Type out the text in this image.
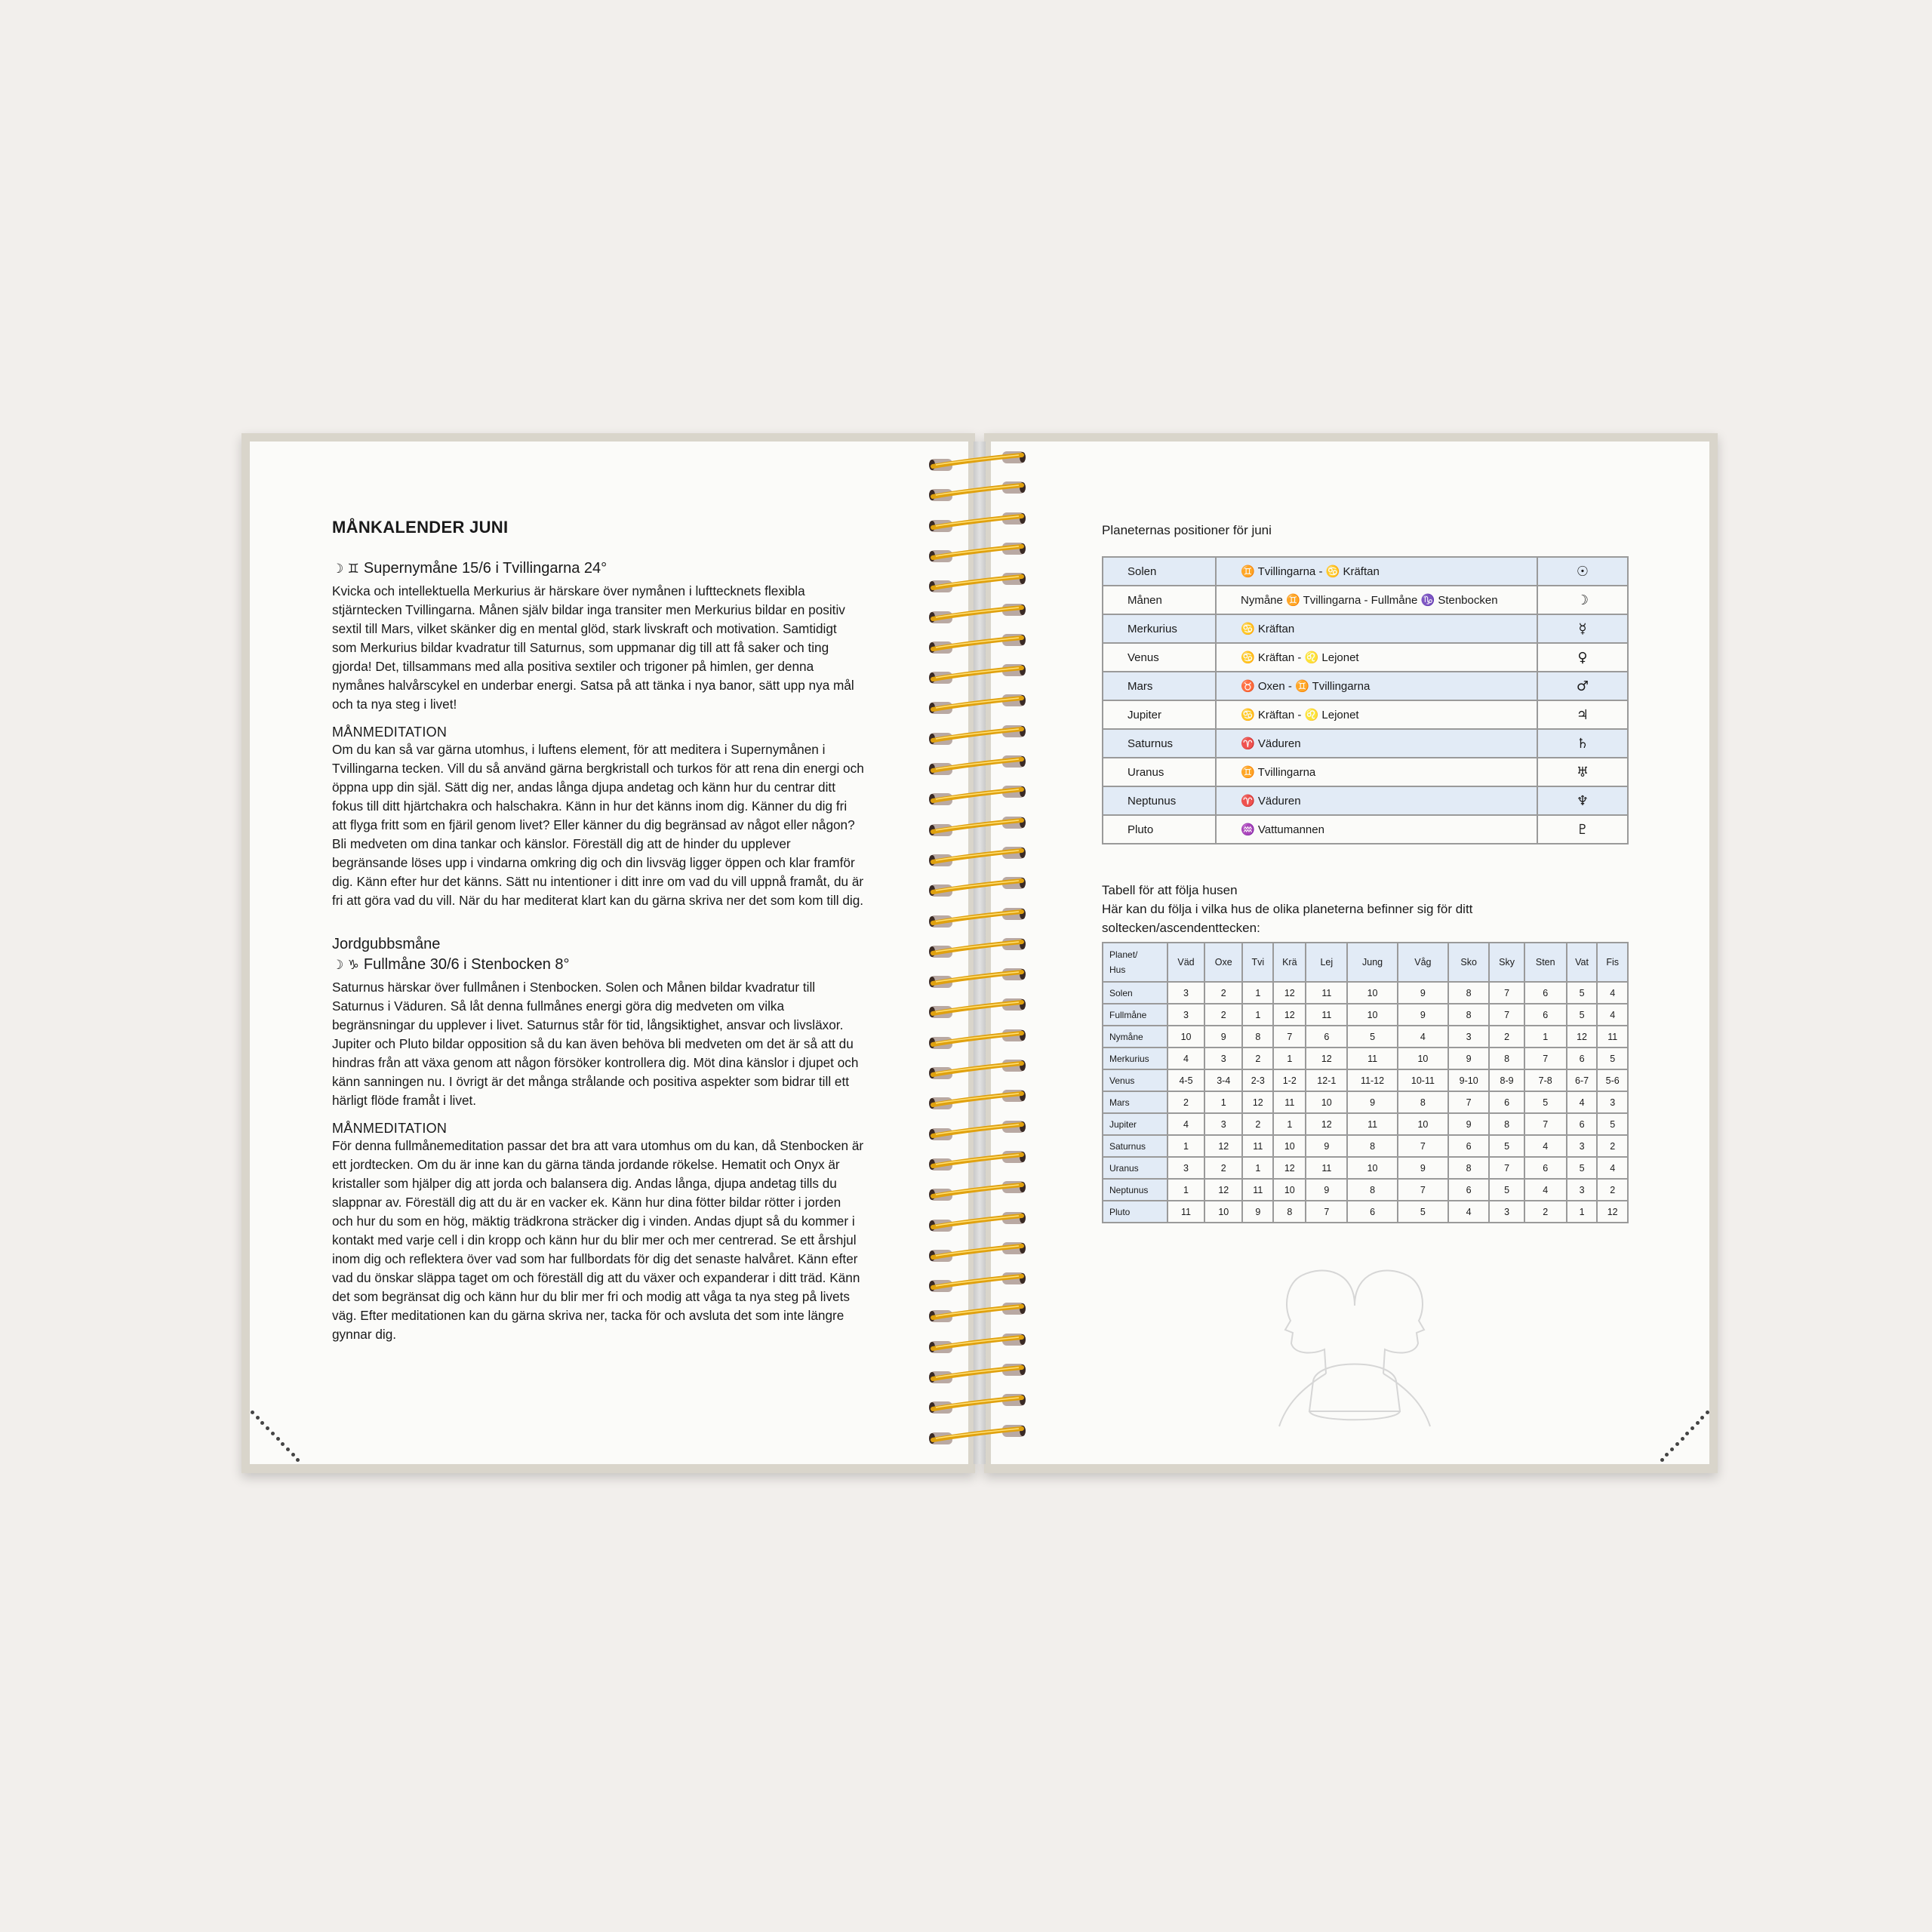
MÅNKALENDER JUNI
☽ ♊ Supernymåne 15/6 i Tvillingarna 24°

Kvicka och intellektuella Merkurius är härskare över nymånen i lufttecknets flexibla stjärntecken Tvillingarna. Månen själv bildar inga transiter men Merkurius bildar en positiv sextil till Mars, vilket skänker dig en mental glöd, stark livskraft och motivation. Samtidigt som Merkurius bildar kvadratur till Saturnus, som uppmanar dig till att få saker och ting gjorda! Det, tillsammans med alla positiva sextiler och trigoner på himlen, ger denna nymånes halvårscykel en underbar energi. Satsa på att tänka i nya banor, sätt upp nya mål och ta nya steg i livet!

MÅNMEDITATION

Om du kan så var gärna utomhus, i luftens element, för att meditera i Supernymånen i Tvillingarna tecken. Vill du så använd gärna bergkristall och turkos för att rena din energi och öppna upp din själ. Sätt dig ner, andas långa djupa andetag och känn hur du centrar ditt fokus till ditt hjärtchakra och halschakra. Känn in hur det känns inom dig. Känner du dig fri att flyga fritt som en fjäril genom livet? Eller känner du dig begränsad av något eller någon? Bli medveten om dina tankar och känslor. Föreställ dig att de hinder du upplever begränsande löses upp i vindarna omkring dig och din livsväg ligger öppen och klar framför dig. Känn efter hur det känns. Sätt nu intentioner i ditt inre om vad du vill uppnå framåt, du är fri att göra vad du vill. När du har mediterat klart kan du gärna skriva ner det som kom till dig.

Jordgubbsmåne
☽ ♑ Fullmåne 30/6 i Stenbocken 8°

Saturnus härskar över fullmånen i Stenbocken. Solen och Månen bildar kvadratur till Saturnus i Väduren. Så låt denna fullmånes energi göra dig medveten om vilka begränsningar du upplever i livet. Saturnus står för tid, långsiktighet, ansvar och livsläxor. Jupiter och Pluto bildar opposition så du kan även behöva bli medveten om det är så att du hindras från att växa genom att någon försöker kontrollera dig. Möt dina känslor i djupet och känn sanningen nu. I övrigt är det många strålande och positiva aspekter som bidrar till ett härligt flöde framåt i livet.

MÅNMEDITATION

För denna fullmånemeditation passar det bra att vara utomhus om du kan, då Stenbocken är ett jordtecken. Om du är inne kan du gärna tända jordande rökelse. Hematit och Onyx är kristaller som hjälper dig att jorda och balansera dig. Andas långa, djupa andetag tills du slappnar av. Föreställ dig att du är en vacker ek. Känn hur dina fötter bildar rötter i jorden och hur du som en hög, mäktig trädkrona sträcker dig i vinden. Andas djupt så du kommer i kontakt med varje cell i din kropp och känn hur du blir mer och mer centrerad. Se ett årshjul inom dig och reflektera över vad som har fullbordats för dig det senaste halvåret. Känn efter vad du önskar släppa taget om och föreställ dig att du växer och expanderar i ditt träd. Känn det som begränsat dig och känn hur du blir mer fri och modig att våga ta nya steg på livets väg. Efter meditationen kan du gärna skriva ner, tacka för och avsluta det som inte längre gynnar dig.

Planeternas positioner för juni
Solen	♊ Tvillingarna - ♋ Kräftan	☉
Månen	Nymåne ♊ Tvillingarna - Fullmåne ♑ Stenbocken	☽
Merkurius	♋ Kräftan	☿
Venus	♋ Kräftan - ♌ Lejonet	♀
Mars	♉ Oxen - ♊ Tvillingarna	♂
Jupiter	♋ Kräftan - ♌ Lejonet	♃
Saturnus	♈ Väduren	♄
Uranus	♊ Tvillingarna	♅
Neptunus	♈ Väduren	♆
Pluto	♒ Vattumannen	♇
Tabell för att följa husen
Här kan du följa i vilka hus de olika planeterna befinner sig för ditt soltecken/ascendenttecken:
Planet/
Hus	Väd	Oxe	Tvi	Krä	Lej	Jung	Våg	Sko	Sky	Sten	Vat	Fis
Solen	3	2	1	12	11	10	9	8	7	6	5	4
Fullmåne	3	2	1	12	11	10	9	8	7	6	5	4
Nymåne	10	9	8	7	6	5	4	3	2	1	12	11
Merkurius	4	3	2	1	12	11	10	9	8	7	6	5
Venus	4-5	3-4	2-3	1-2	12-1	11-12	10-11	9-10	8-9	7-8	6-7	5-6
Mars	2	1	12	11	10	9	8	7	6	5	4	3
Jupiter	4	3	2	1	12	11	10	9	8	7	6	5
Saturnus	1	12	11	10	9	8	7	6	5	4	3	2
Uranus	3	2	1	12	11	10	9	8	7	6	5	4
Neptunus	1	12	11	10	9	8	7	6	5	4	3	2
Pluto	11	10	9	8	7	6	5	4	3	2	1	12
